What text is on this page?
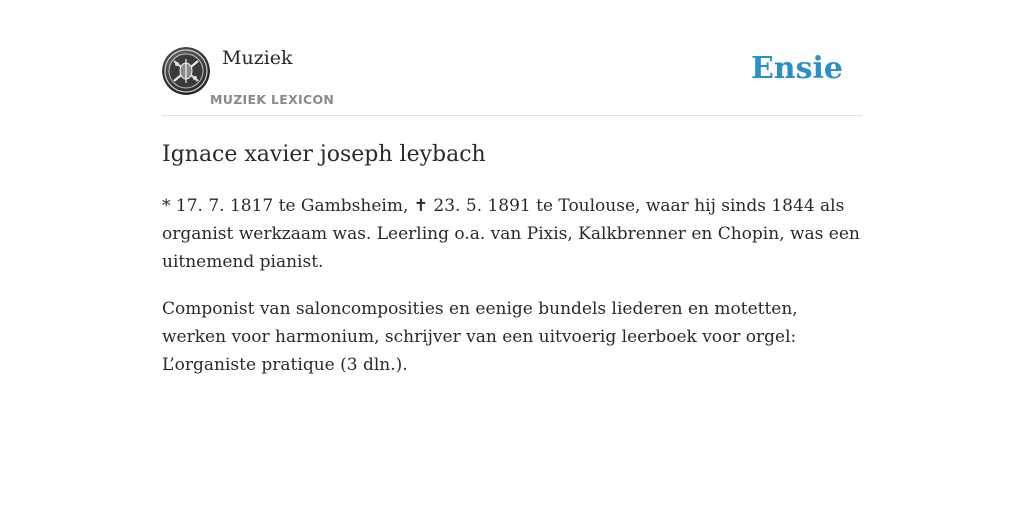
Muziek
MUZIEK LEXICON
Ensie
Ignace xavier joseph leybach

* 17. 7. 1817 te Gambsheim, ✝ 23. 5. 1891 te Toulouse, waar hij sinds 1844 als organist werkzaam was. Leerling o.a. van Pixis, Kalkbrenner en Chopin, was een uitnemend pianist.

Componist van saloncomposities en eenige bundels liederen en motetten, werken voor harmonium, schrijver van een uitvoerig leerboek voor orgel: L’organiste pratique (3 dln.).
